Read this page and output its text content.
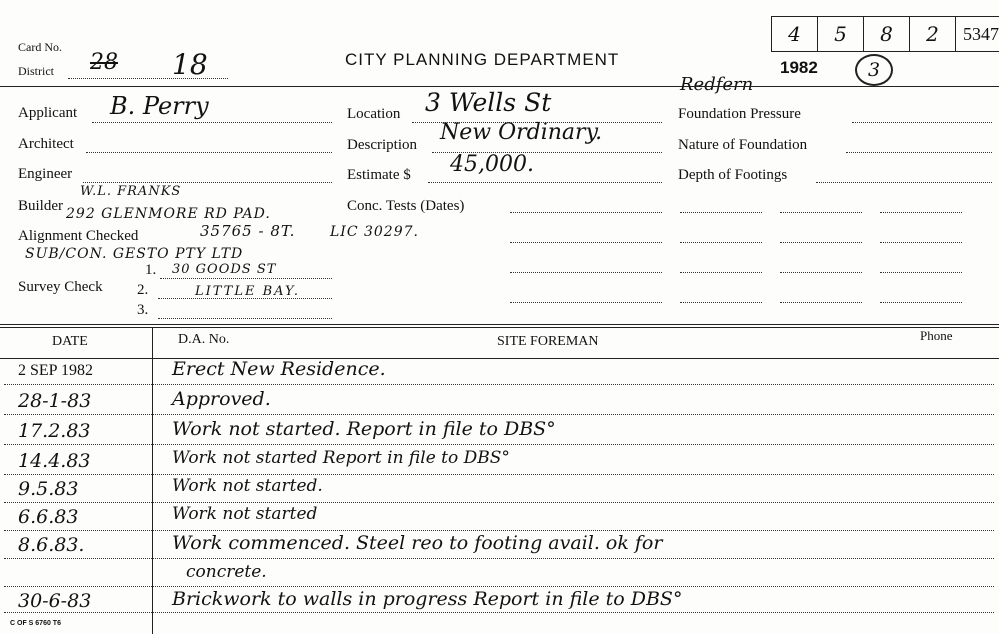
Card No.
District 28 18	CITY PLANNING DEPARTMENT
4	5	8	2	5347
1982	3
Applicant B. Perry
Architect
Engineer
Builder
W.L. FRANKS
292 GLENMORE RD PAD.
Alignment Checked	35765 - 8T. LIC 30297.
SUB/CON. GESTO PTY LTD
1. 30 GOODS ST
Survey Check 2.	LITTLE BAY.
3.
Location 3 Wells St
Redfern
Description New Ordinary.
Estimate $ 45,000.
Conc. Tests (Dates)
Foundation Pressure
Nature of Foundation
Depth of Footings
DATE	D.A. No.	SITE FOREMAN	Phone
2 SEP 1982	Erect New Residence.
28-1-83	Approved.
17.2.83	Work not started. Report in file to DBS°
14.4.83	Work not started Report in file to DBS°
9.5.83	Work not started.
6.6.83	Work not started
8.6.83.	Work commenced. Steel reo to footing avail. ok for
concrete.
30-6-83	Brickwork to walls in progress Report in file to DBS°
C OF S 6760 T6
